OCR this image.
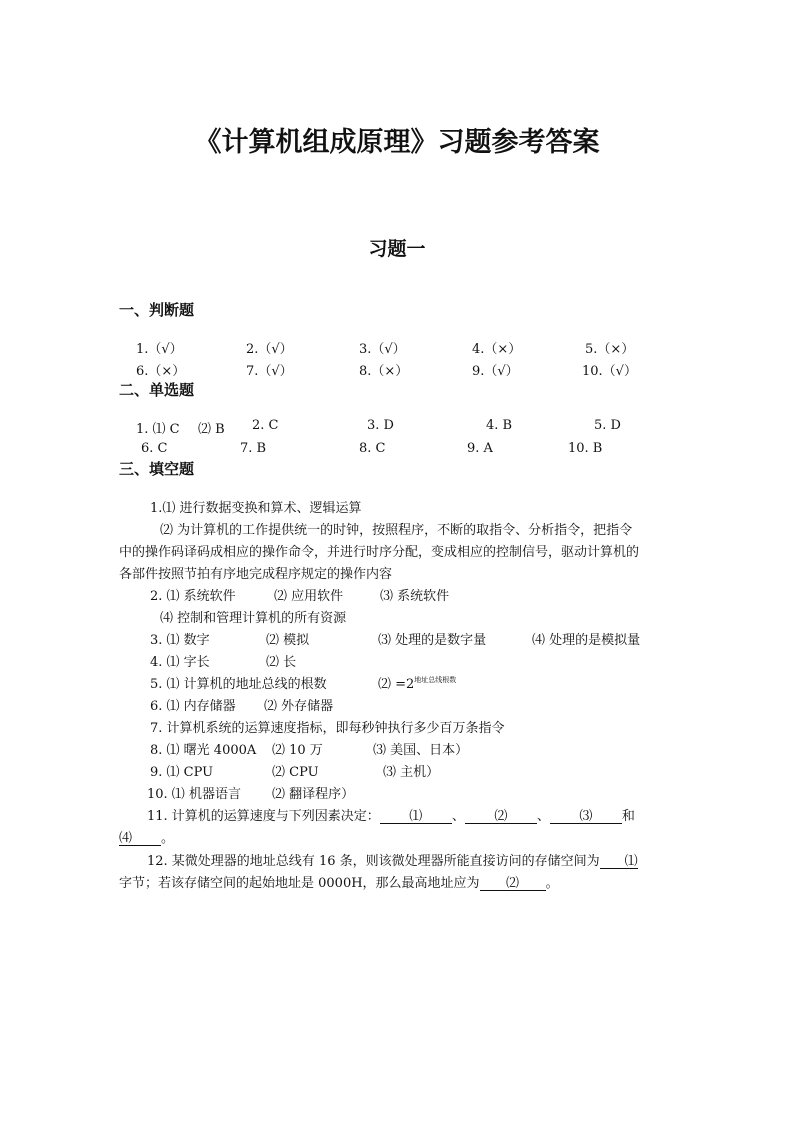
《计算机组成原理》习题参考答案
习题一
一、判断题
1.（√）	2.（√）	3.（√）	4.（×）	5.（×）
6.（×）	7.（√）	8.（×）	9.（√）	10.（√）
二、单选题
1. ⑴ C ⑵ B 2. C	3. D	4. B	5. D
6. C	7. B	8. C	9. A	10. B
三、填空题
1.⑴ 进行数据变换和算术、逻辑运算
⑵ 为计算机的工作提供统一的时钟，按照程序，不断的取指令、分析指令，把指令
中的操作码译码成相应的操作命令，并进行时序分配，变成相应的控制信号，驱动计算机的
各部件按照节拍有序地完成程序规定的操作内容
2. ⑴ 系统软件	⑵ 应用软件	⑶ 系统软件
⑷ 控制和管理计算机的所有资源
3. ⑴ 数字	⑵ 模拟	⑶ 处理的是数字量	⑷ 处理的是模拟量
4. ⑴ 字长	⑵ 长
5. ⑴ 计算机的地址总线的根数	⑵ $=2^{地址总线根数}$
6. ⑴ 内存储器 ⑵ 外存储器
7. 计算机系统的运算速度指标，即每秒钟执行多少百万条指令
8. ⑴ 曙光 4000A ⑵ 10 万	⑶ 美国、日本）
9. ⑴ CPU	⑵ CPU	⑶ 主机）
10. ⑴ 机器语言 ⑵ 翻译程序）
11. 计算机的运算速度与下列因素决定： ⑴ 、 ⑵ 、 ⑶ 和
⑷ 。
12. 某微处理器的地址总线有 16 条，则该微处理器所能直接访问的存储空间为 ⑴
字节；若该存储空间的起始地址是 0000H，那么最高地址应为 ⑵ 。
